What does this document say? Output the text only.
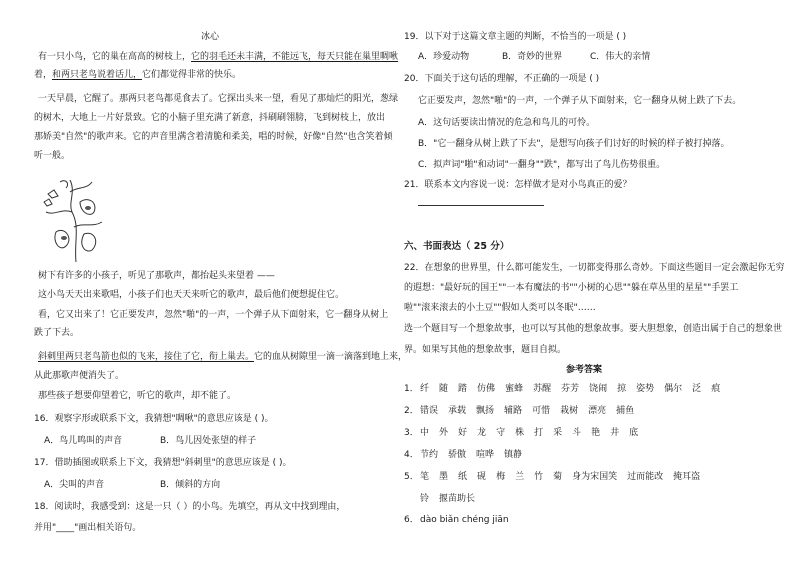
冰心
有一只小鸟，它的巢在高高的树枝上，它的羽毛还未丰满，不能远飞，每天只能在巢里啁啾
着，和两只老鸟说着话儿，它们都觉得非常的快乐。
一天早晨，它醒了。那两只老鸟都觅食去了。它探出头来一望，看见了那灿烂的阳光，葱绿
的树木，大地上一片好景致。它的小脑子里充满了新意，抖刷刷翎膀，飞到树枝上，放出
那娇美"自然"的歌声来。它的声音里满含着清脆和柔美，唱的时候，好像"自然"也含笑着倾
听一般。
树下有许多的小孩子，听见了那歌声，都抬起头来望着 ——
这小鸟天天出来歌唱，小孩子们也天天来听它的歌声，最后他们便想捉住它。
看，它又出来了！它正要发声，忽然"啪"的一声，一个弹子从下面射来，它一翻身从树上
跌了下去。
斜刺里两只老鸟箭也似的飞来，接住了它，衔上巢去。它的血从树隙里一滴一滴落到地上来，
从此那歌声便消失了。
那些孩子想要仰望着它，听它的歌声，却不能了。
16．观察字形或联系下文，我猜想"啁啾"的意思应该是 ( )。
A．鸟儿鸣叫的声音	B．鸟儿因处张望的样子
17．借助插图或联系上下文，我猜想"斜刺里"的意思应该是 ( )。
A．尖叫的声音	B．倾斜的方向
18．阅读时，我感受到：这是一只（ ）的小鸟。先填空，再从文中找到理由，
并用"____"画出相关语句。
19．以下对于这篇文章主题的判断，不恰当的一项是 ( )
A．珍爱动物	B．奇妙的世界	C．伟大的亲情
20．下面关于这句话的理解，不正确的一项是 ( )
它正要发声，忽然"啪"的一声，一个弹子从下面射来，它一翻身从树上跌了下去。
A．这句话要读出情况的危急和鸟儿的可怜。
B．"它一翻身从树上跌了下去"，是想写向孩子们讨好的时候的样子被打掉落。
C．拟声词"啪"和动词"一翻身""跌"，都写出了鸟儿伤势很重。
21．联系本文内容说一说：怎样做才是对小鸟真正的爱？
六、书面表达（ 25 分）
22．在想象的世界里，什么都可能发生，一切都变得那么奇妙。下面这些题目一定会激起你无穷
的遐想："最好玩的国王""一本有魔法的书""小树的心思""躲在草丛里的星星""手罢工
啦""滚来滚去的小土豆""假如人类可以冬眠"……
选一个题目写一个想象故事，也可以写其他的想象故事。要大胆想象，创造出属于自己的想象世
界。如果写其他的想象故事，题目自拟。
参考答案
1．纤 随 踏 仿佛 蜜蜂 苏醒 芬芳 饶闹 掠 姿势 偶尔 泛 痕
2．错误 承载 飘扬 辅路 可惜 栽树 漂亮 捕鱼
3．中 外 好 龙 守 株 打 采 斗 艳 井 底
4．节约 骄傲 喧哗 镇静
5．笔 墨 纸 砚 梅 兰 竹 菊 身为宋国笑 过而能改 掩耳盗
铃 揠苗助长
6．dào biǎn chéng jiān
